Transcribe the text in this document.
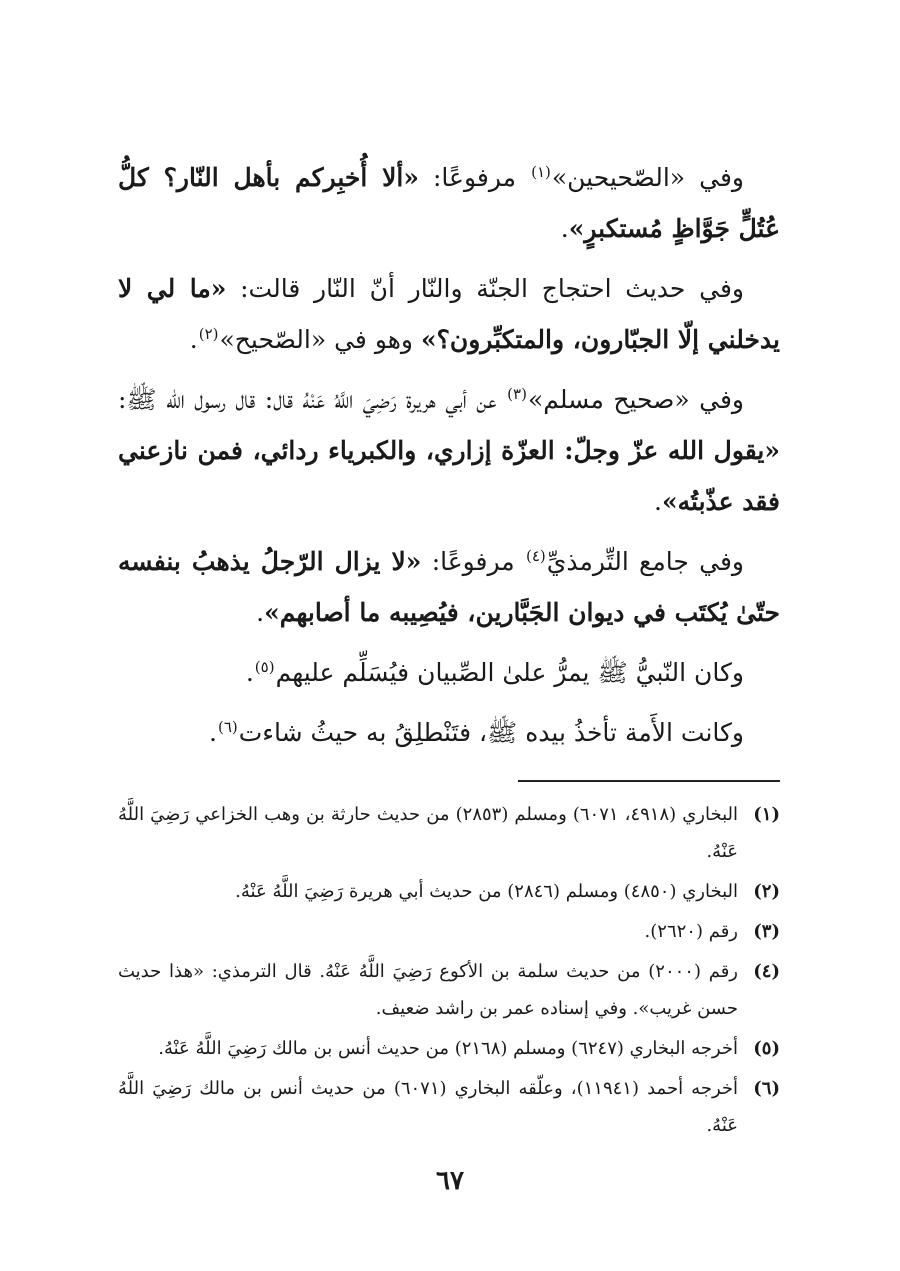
وفي «الصّحيحين»$^{(١)}$ مرفوعًا: «ألا أُخبِركم بأهل النّار؟ كلُّ عُتُلٍّ جَوَّاظٍ مُستكبرٍ».

وفي حديث احتجاج الجنّة والنّار أنّ النّار قالت: «ما لي لا يدخلني إلّا الجبّارون، والمتكبِّرون؟» وهو في «الصّحيح»$^{(٢)}$.

وفي «صحيح مسلم»$^{(٣)}$ عن أبي هريرة رَضِيَ اللَّهُ عَنْهُ قال: قال رسول الله ﷺ: «يقول الله عزّ وجلّ: العزّة إزاري، والكبرياء ردائي، فمن نازعني فقد عذّبتُه».

وفي جامع التِّرمذيِّ$^{(٤)}$ مرفوعًا: «لا يزال الرّجلُ يذهبُ بنفسه حتّىٰ يُكتَب في ديوان الجَبَّارين، فيُصِيبه ما أصابهم».

وكان النّبيُّ ﷺ يمرُّ علىٰ الصِّبيان فيُسَلِّم عليهم$^{(٥)}$.

وكانت الأَمة تأخذُ بيده ﷺ، فتَنْطلِقُ به حيثُ شاءت$^{(٦)}$.

(١)
البخاري (٤٩١٨، ٦٠٧١) ومسلم (٢٨٥٣) من حديث حارثة بن وهب الخزاعي رَضِيَ اللَّهُ عَنْهُ.
(٢)
البخاري (٤٨٥٠) ومسلم (٢٨٤٦) من حديث أبي هريرة رَضِيَ اللَّهُ عَنْهُ.
(٣)
رقم (٢٦٢٠).
(٤)
رقم (٢٠٠٠) من حديث سلمة بن الأكوع رَضِيَ اللَّهُ عَنْهُ. قال الترمذي: «هذا حديث حسن غريب». وفي إسناده عمر بن راشد ضعيف.
(٥)
أخرجه البخاري (٦٢٤٧) ومسلم (٢١٦٨) من حديث أنس بن مالك رَضِيَ اللَّهُ عَنْهُ.
(٦)
أخرجه أحمد (١١٩٤١)، وعلّقه البخاري (٦٠٧١) من حديث أنس بن مالك رَضِيَ اللَّهُ عَنْهُ.
٦٧
